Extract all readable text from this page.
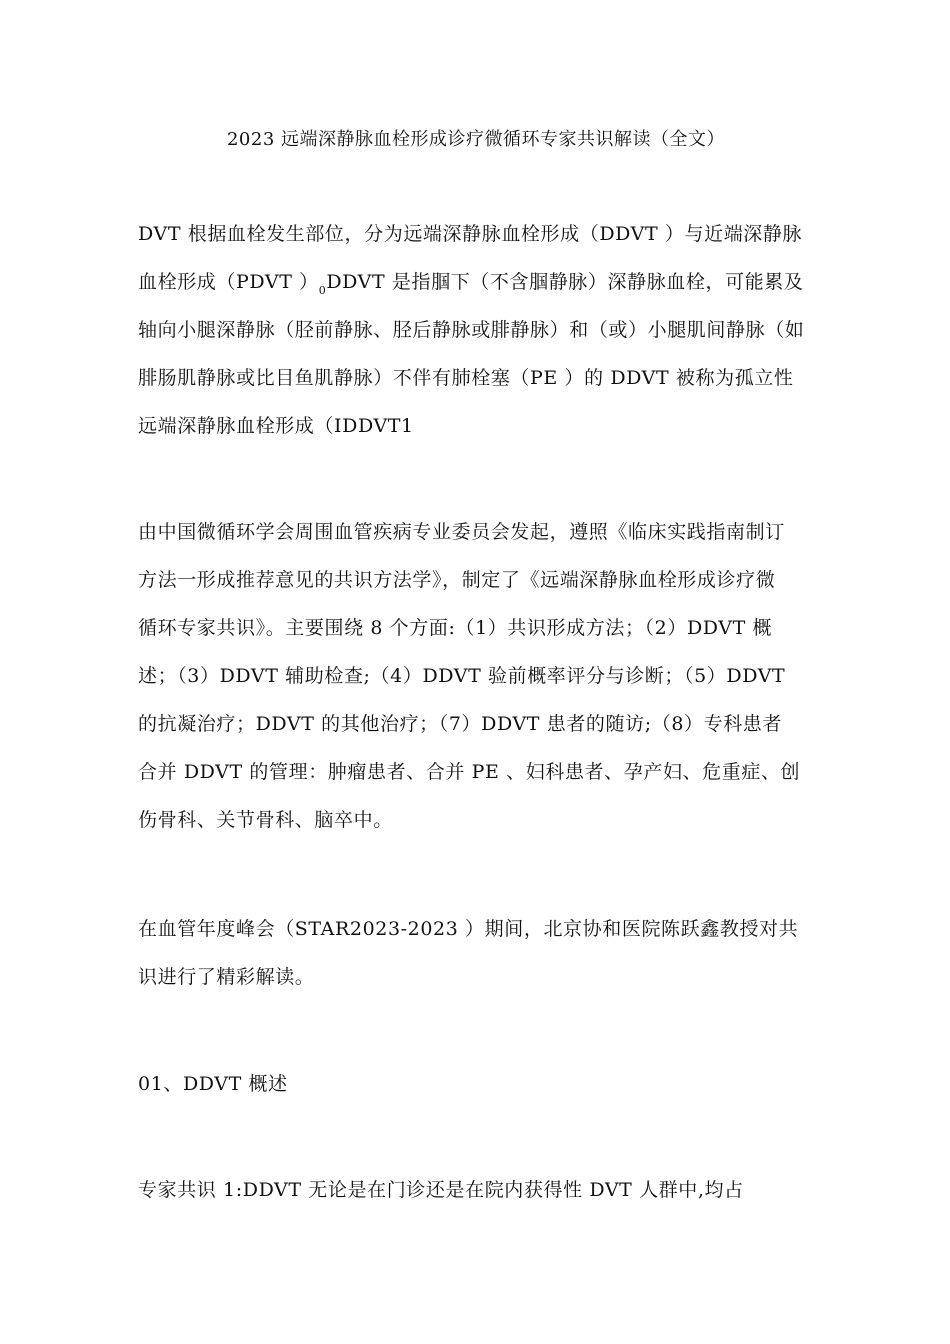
2023 远端深静脉血栓形成诊疗微循环专家共识解读（全文）
DVT 根据血栓发生部位，分为远端深静脉血栓形成（DDVT ）与近端深静脉
血栓形成（PDVT ）$_0DDVT$ 是指腘下（不含腘静脉）深静脉血栓，可能累及
轴向小腿深静脉（胫前静脉、胫后静脉或腓静脉）和（或）小腿肌间静脉（如
腓肠肌静脉或比目鱼肌静脉）不伴有肺栓塞（PE ）的 DDVT 被称为孤立性
远端深静脉血栓形成（IDDVT1
由中国微循环学会周围血管疾病专业委员会发起，遵照《临床实践指南制订
方法一形成推荐意见的共识方法学》，制定了《远端深静脉血栓形成诊疗微
循环专家共识》。主要围绕 8 个方面:（1）共识形成方法；（2）DDVT 概
述；（3）DDVT 辅助检查;（4）DDVT 验前概率评分与诊断；（5）DDVT
的抗凝治疗；DDVT 的其他治疗；（7）DDVT 患者的随访;（8）专科患者
合并 DDVT 的管理：肿瘤患者、合并 PE 、妇科患者、孕产妇、危重症、创
伤骨科、关节骨科、脑卒中。
在血管年度峰会（STAR2023-2023 ）期间，北京协和医院陈跃鑫教授对共
识进行了精彩解读。
01、DDVT 概述
专家共识 1:DDVT 无论是在门诊还是在院内获得性 DVT 人群中,均占
